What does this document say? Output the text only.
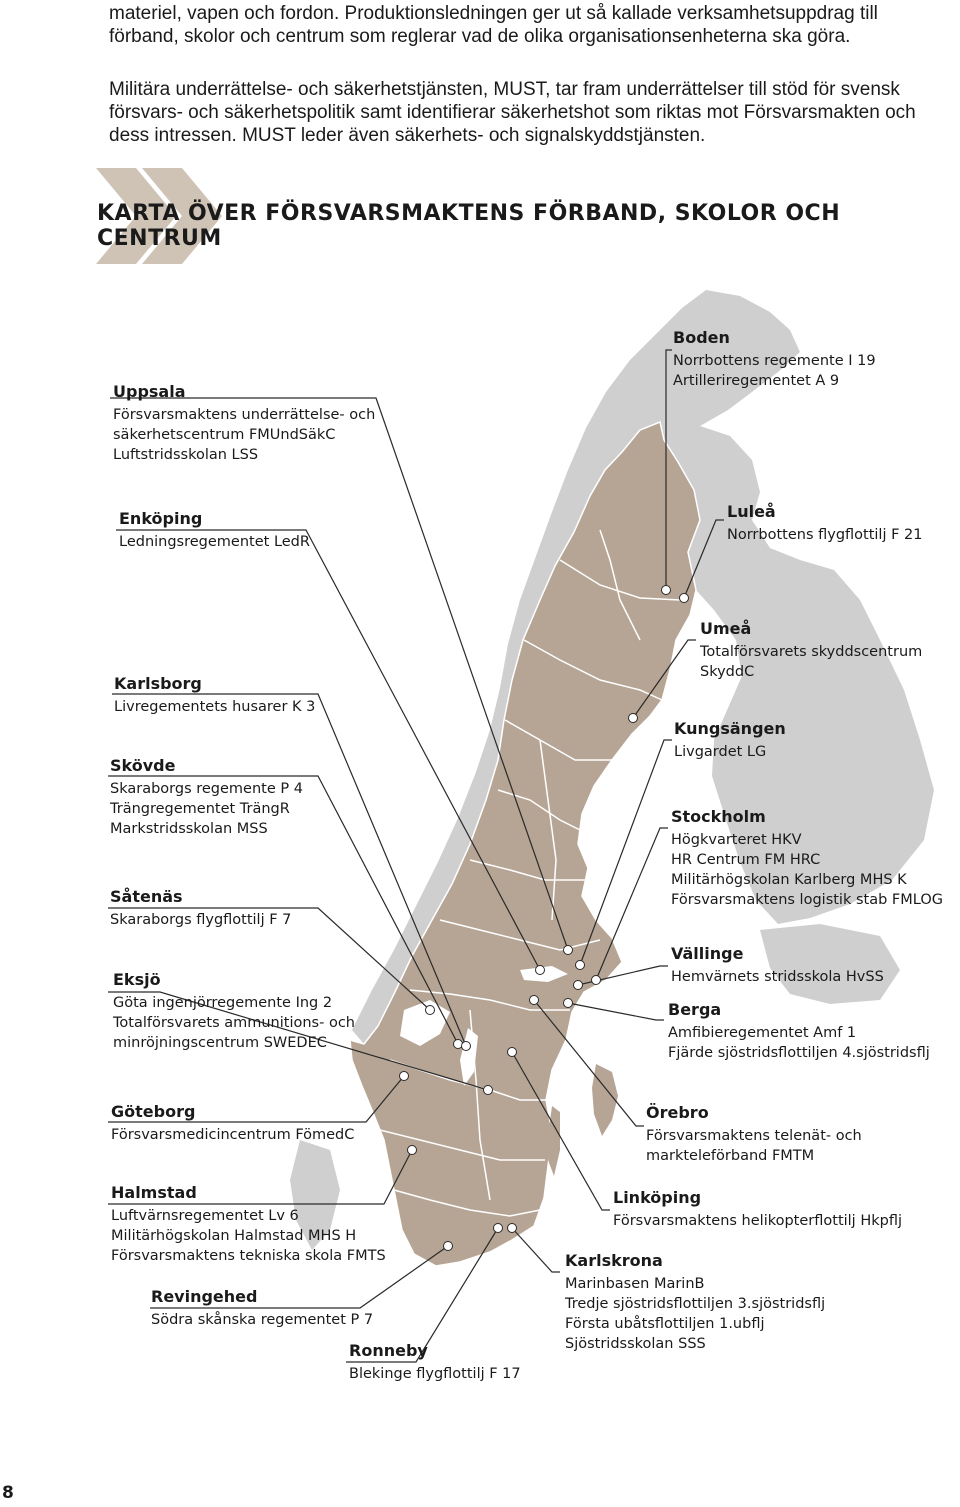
materiel, vapen och fordon. Produktionsledningen ger ut så kallade verksamhetsuppdrag till förband, skolor och centrum som reglerar vad de olika organisationsenheterna ska göra.

Militära underrättelse- och säkerhetstjänsten, MUST, tar fram underrättelser till stöd för svensk försvars- och säkerhetspolitik samt identifierar säkerhetshot som riktas mot Försvarsmakten och dess intressen. MUST leder även säkerhets- och signalskyddstjänsten.

KARTA ÖVER FÖRSVARSMAKTENS FÖRBAND, SKOLOR OCH CENTRUM
Boden
Norrbottens regemente I 19
Artilleriregementet A 9
Uppsala
Försvarsmaktens underrättelse- och
säkerhetscentrum FMUndSäkC
Luftstridsskolan LSS
Enköping
Ledningsregementet LedR
Luleå
Norrbottens flygflottilj F 21
Umeå
Totalförsvarets skyddscentrum
SkyddC
Karlsborg
Livregementets husarer K 3
Kungsängen
Livgardet LG
Skövde
Skaraborgs regemente P 4
Trängregementet TrängR
Markstridsskolan MSS
Stockholm
Högkvarteret HKV
HR Centrum FM HRC
Militärhögskolan Karlberg MHS K
Försvarsmaktens logistik stab FMLOG
Såtenäs
Skaraborgs flygflottilj F 7
Vällinge
Hemvärnets stridsskola HvSS
Eksjö
Göta ingenjörregemente Ing 2
Totalförsvarets ammunitions- och
minröjningscentrum SWEDEC
Berga
Amfibieregementet Amf 1
Fjärde sjöstridsflottiljen 4.sjöstridsflj
Göteborg
Försvarsmedicincentrum FömedC
Örebro
Försvarsmaktens telenät- och
markteleförband FMTM
Halmstad
Luftvärnsregementet Lv 6
Militärhögskolan Halmstad MHS H
Försvarsmaktens tekniska skola FMTS
Linköping
Försvarsmaktens helikopterflottilj Hkpflj
Karlskrona
Marinbasen MarinB
Tredje sjöstridsflottiljen 3.sjöstridsflj
Första ubåtsflottiljen 1.ubflj
Sjöstridsskolan SSS
Revingehed
Södra skånska regementet P 7
Ronneby
Blekinge flygflottilj F 17
8
